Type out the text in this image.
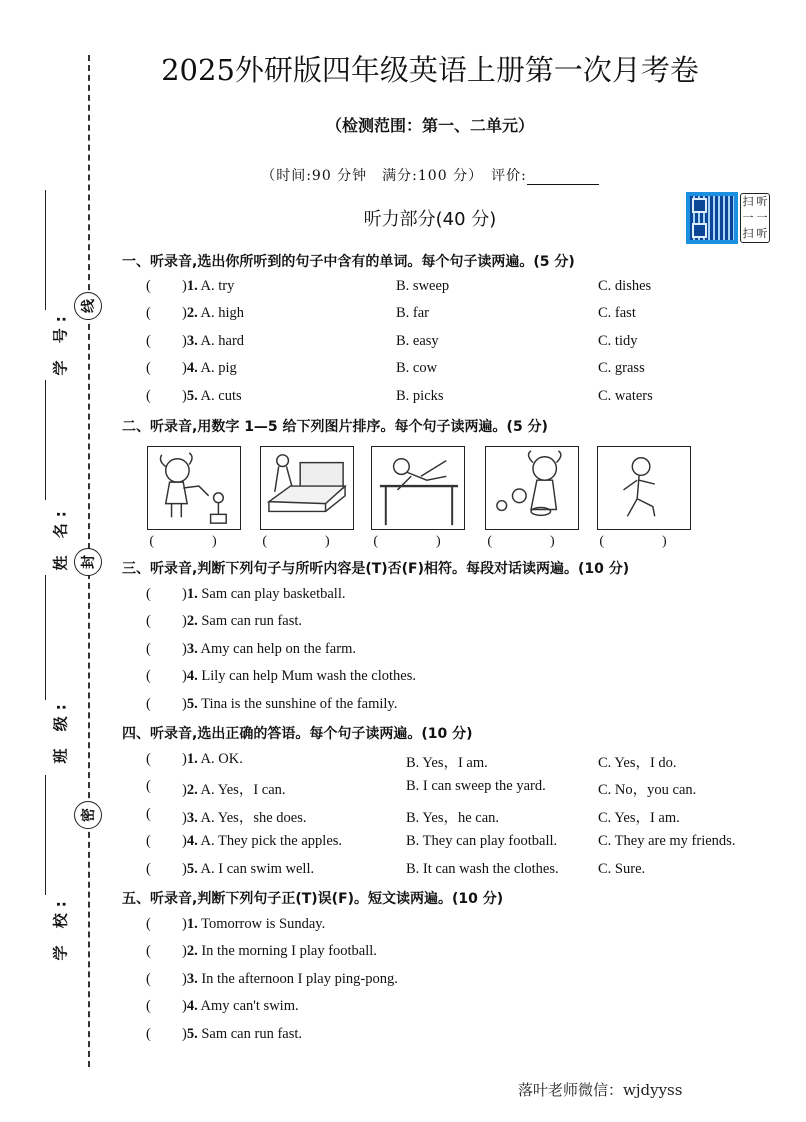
线
封
密
学 号:
姓 名:
班 级:
学 校:
2025外研版四年级英语上册第一次月考卷
（检测范围：第一、二单元）
（时间:90 分钟　满分:100 分）　评价:
扫 听
一 一
扫 听
听力部分(40 分)
一、听录音,选出你所听到的句子中含有的单词。每个句子读两遍。(5 分)
( )1. A. try	B. sweep	C. dishes
( )2. A. high	B. far	C. fast
( )3. A. hard	B. easy	C. tidy
( )4. A. pig	B. cow	C. grass
( )5. A. cuts	B. picks	C. waters
二、听录音,用数字 1—5 给下列图片排序。每个句子读两遍。(5 分)
(　) (　) (　) (　) (　)
三、听录音,判断下列句子与所听内容是(T)否(F)相符。每段对话读两遍。(10 分)
( )1. Sam can play basketball.
( )2. Sam can run fast.
( )3. Amy can help on the farm.
( )4. Lily can help Mum wash the clothes.
( )5. Tina is the sunshine of the family.
四、听录音,选出正确的答语。每个句子读两遍。(10 分)
( )1. A. OK.	B. Yes，I am.	C. Yes，I do.
( )2. A. Yes，I can.	B. I can sweep the yard.	C. No，you can.
( )3. A. Yes，she does.	B. Yes，he can.	C. Yes，I am.
( )4. A. They pick the apples.	B. They can play football.	C. They are my friends.
( )5. A. I can swim well.	B. It can wash the clothes.	C. Sure.
五、听录音,判断下列句子正(T)误(F)。短文读两遍。(10 分)
( )1. Tomorrow is Sunday.
( )2. In the morning I play football.
( )3. In the afternoon I play ping-pong.
( )4. Amy can't swim.
( )5. Sam can run fast.
落叶老师微信：wjdyyss
